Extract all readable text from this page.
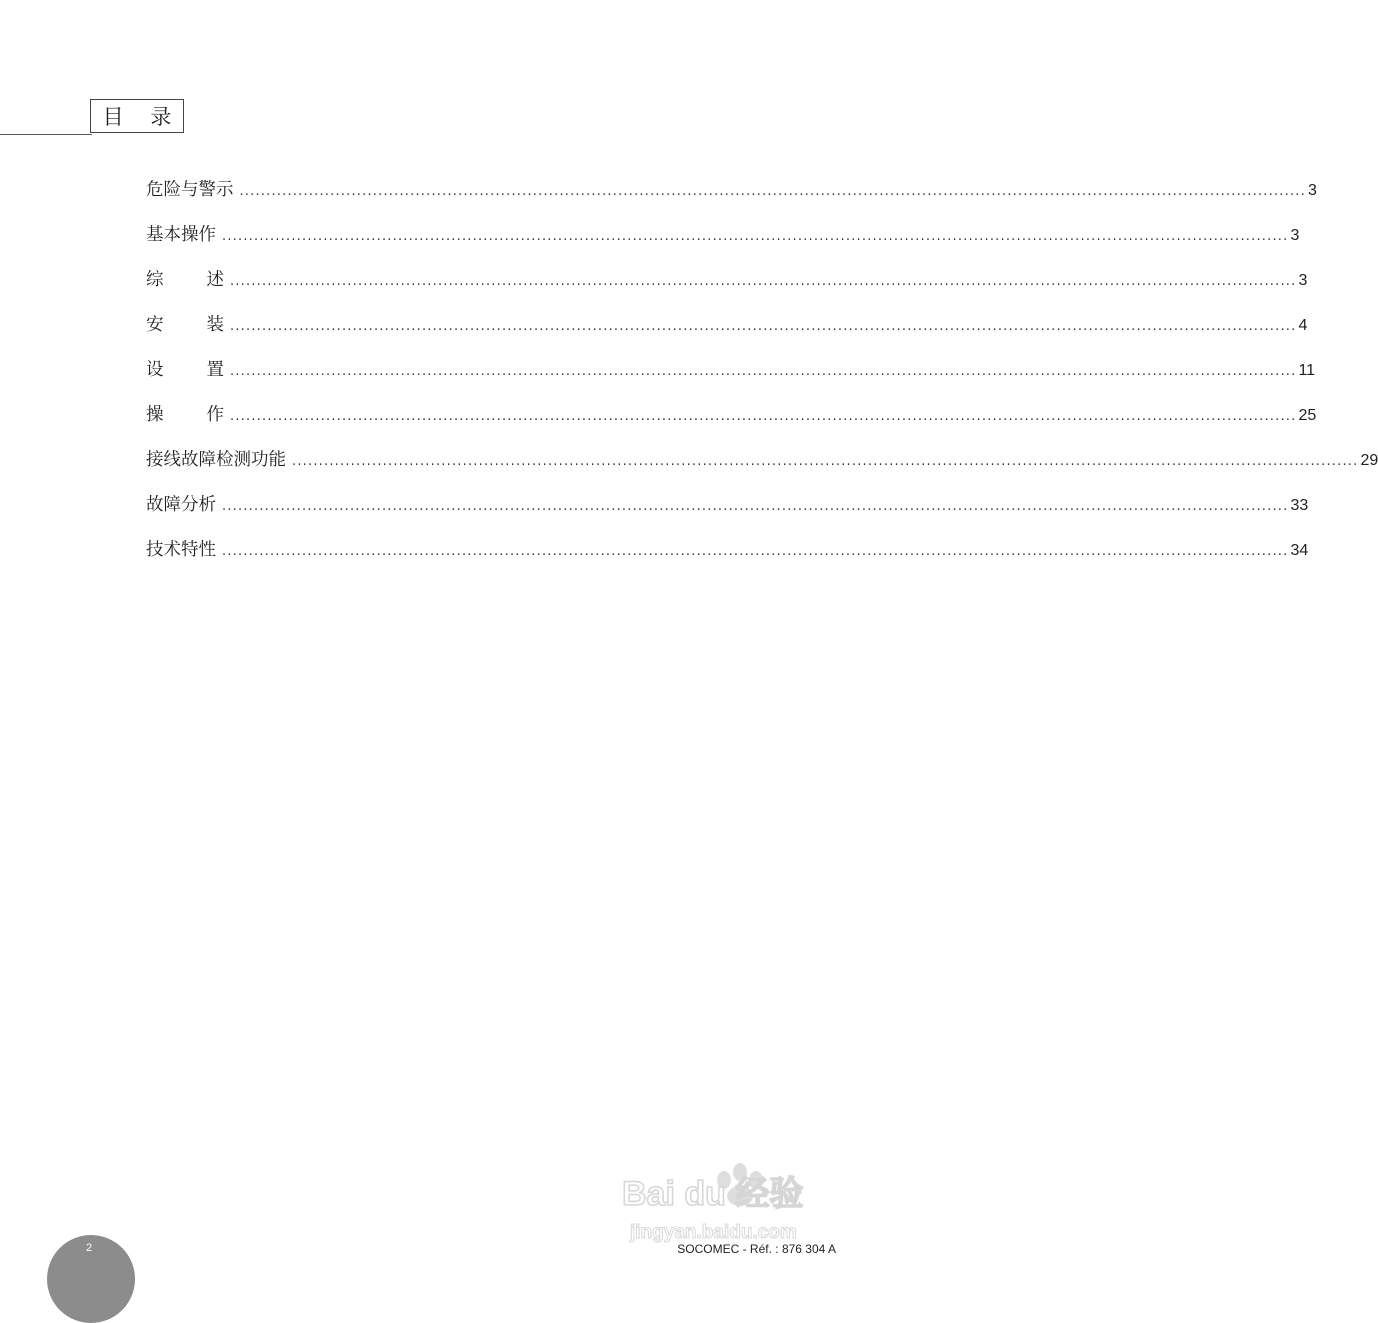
目 录
危险与警示 ........................................................................................................................................................................................................ 3
基本操作 ........................................................................................................................................................................................................ 3
综　述 ........................................................................................................................................................................................................ 3
安　装 ........................................................................................................................................................................................................ 4
设　置 ........................................................................................................................................................................................................ 11
操　作 ........................................................................................................................................................................................................ 25
接线故障检测功能 ........................................................................................................................................................................................................ 29
故障分析 ........................................................................................................................................................................................................ 33
技术特性 ........................................................................................................................................................................................................ 34
2	SOCOMEC - Réf. : 876 304 A
Bai du 经验
jingyan.baidu.com
